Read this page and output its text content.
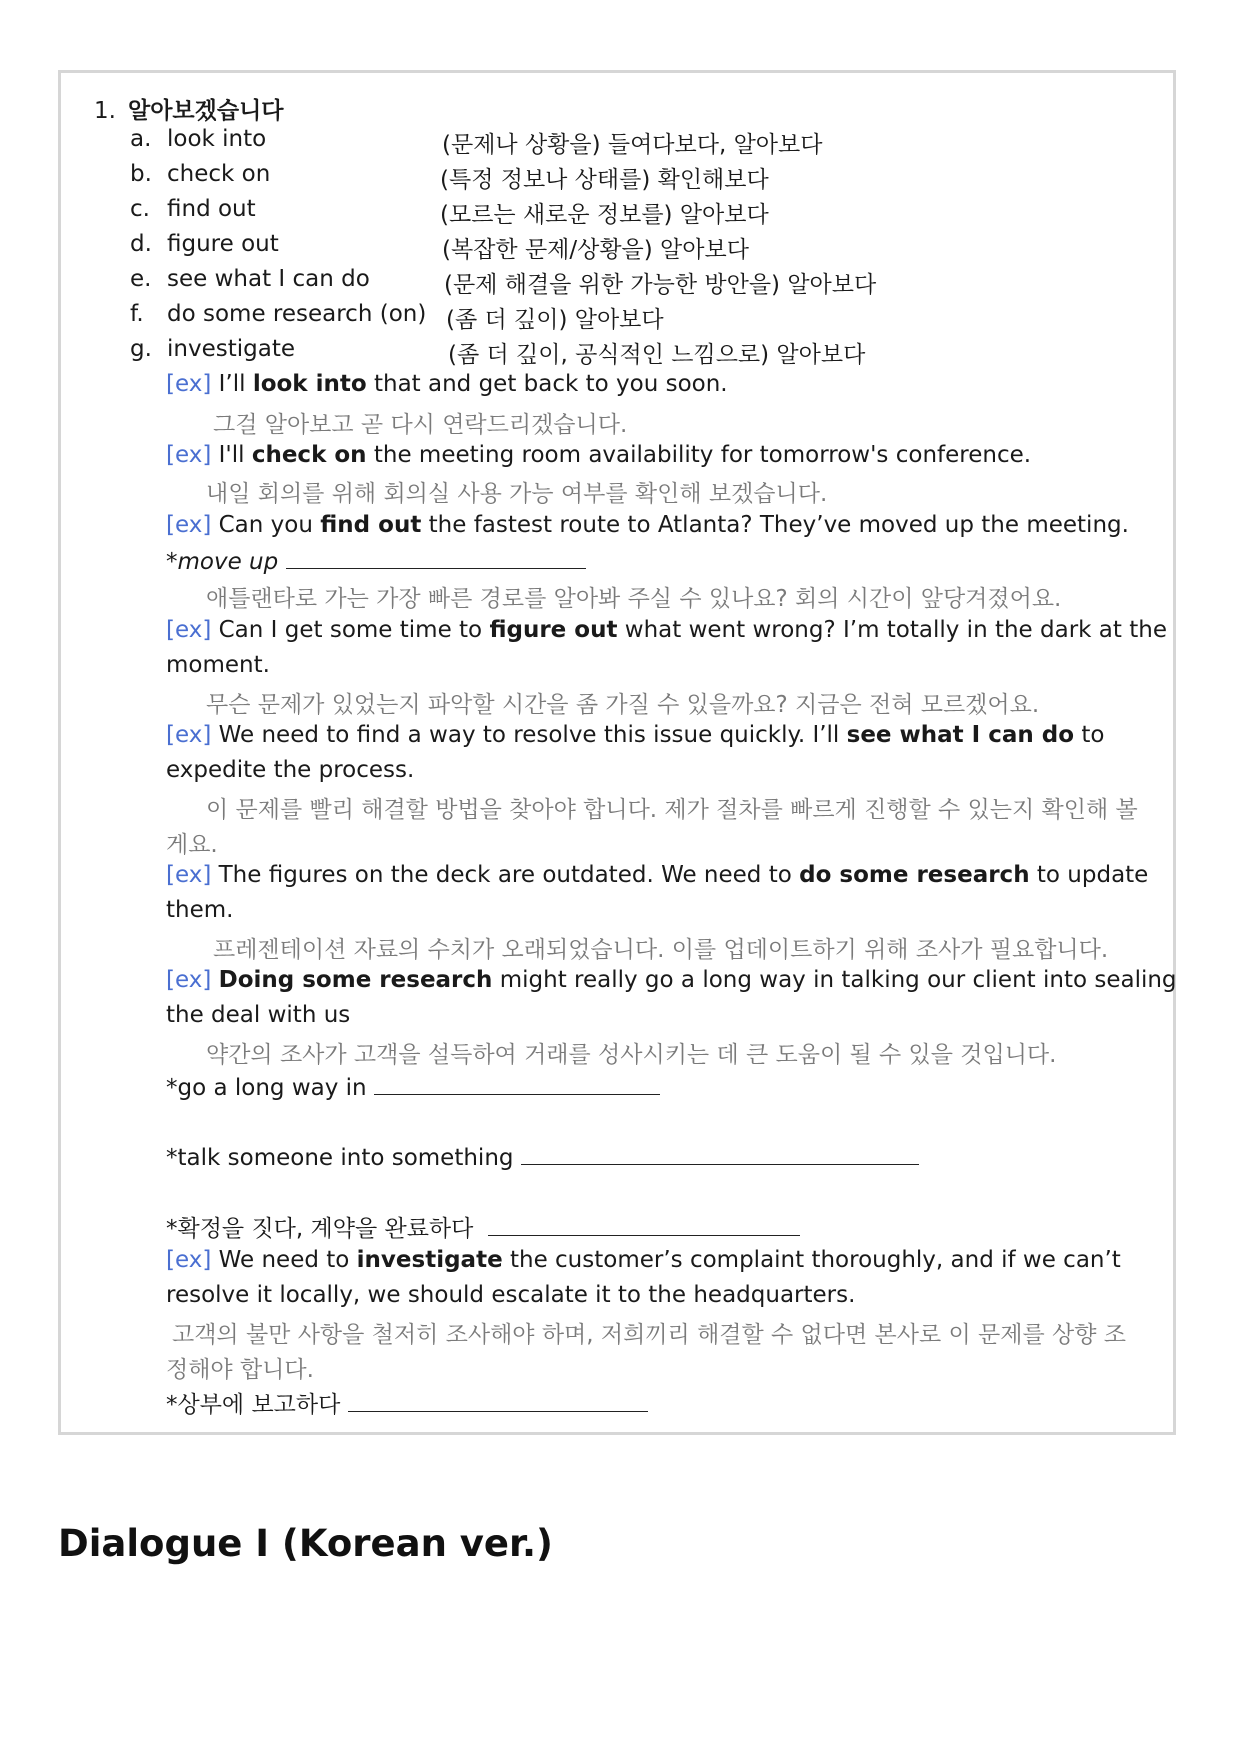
1. 알아보겠습니다
a. look into	(문제나 상황을) 들여다보다, 알아보다
b. check on	(특정 정보나 상태를) 확인해보다
c. find out	(모르는 새로운 정보를) 알아보다
d. figure out	(복잡한 문제/상황을) 알아보다
e. see what I can do	(문제 해결을 위한 가능한 방안을) 알아보다
f. do some research (on) (좀 더 깊이) 알아보다
g. investigate	(좀 더 깊이, 공식적인 느낌으로) 알아보다
[ex] I’ll look into that and get back to you soon.
그걸 알아보고 곧 다시 연락드리겠습니다.
[ex] I'll check on the meeting room availability for tomorrow's conference.
내일 회의를 위해 회의실 사용 가능 여부를 확인해 보겠습니다.
[ex] Can you find out the fastest route to Atlanta? They’ve moved up the meeting.
*move up
애틀랜타로 가는 가장 빠른 경로를 알아봐 주실 수 있나요? 회의 시간이 앞당겨졌어요.
[ex] Can I get some time to figure out what went wrong? I’m totally in the dark at the
moment.
무슨 문제가 있었는지 파악할 시간을 좀 가질 수 있을까요? 지금은 전혀 모르겠어요.
[ex] We need to find a way to resolve this issue quickly. I’ll see what I can do to
expedite the process.
이 문제를 빨리 해결할 방법을 찾아야 합니다. 제가 절차를 빠르게 진행할 수 있는지 확인해 볼
게요.
[ex] The figures on the deck are outdated. We need to do some research to update
them.
프레젠테이션 자료의 수치가 오래되었습니다. 이를 업데이트하기 위해 조사가 필요합니다.
[ex] Doing some research might really go a long way in talking our client into sealing
the deal with us
약간의 조사가 고객을 설득하여 거래를 성사시키는 데 큰 도움이 될 수 있을 것입니다.
*go a long way in
*talk someone into something
*확정을 짓다, 계약을 완료하다
[ex] We need to investigate the customer’s complaint thoroughly, and if we can’t
resolve it locally, we should escalate it to the headquarters.
고객의 불만 사항을 철저히 조사해야 하며, 저희끼리 해결할 수 없다면 본사로 이 문제를 상향 조
정해야 합니다.
*상부에 보고하다
Dialogue I (Korean ver.)
